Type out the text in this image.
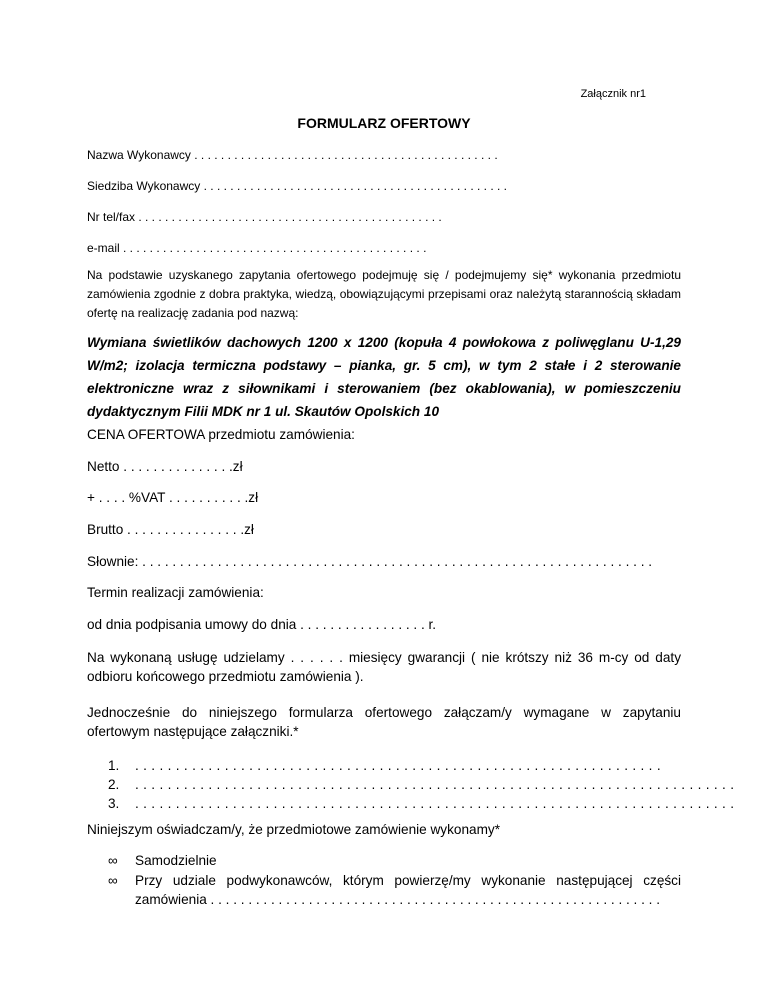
Załącznik nr1
FORMULARZ OFERTOWY
Nazwa Wykonawcy . . . . . . . . . . . . . . . . . . . . . . . . . . . . . . . . . . . . . . . . . . . . . .
Siedziba Wykonawcy . . . . . . . . . . . . . . . . . . . . . . . . . . . . . . . . . . . . . . . . . . . . . .
Nr tel/fax . . . . . . . . . . . . . . . . . . . . . . . . . . . . . . . . . . . . . . . . . . . . . .
e-mail . . . . . . . . . . . . . . . . . . . . . . . . . . . . . . . . . . . . . . . . . . . . . .
Na podstawie uzyskanego zapytania ofertowego podejmuję się / podejmujemy się* wykonania przedmiotu zamówienia zgodnie z dobra praktyka, wiedzą, obowiązującymi przepisami oraz należytą starannością składam ofertę na realizację zadania pod nazwą:
Wymiana świetlików dachowych 1200 x 1200 (kopuła 4 powłokowa z poliwęglanu U-1,29 W/m2; izolacja termiczna podstawy – pianka, gr. 5 cm), w tym 2 stałe i 2 sterowanie elektroniczne wraz z siłownikami i sterowaniem (bez okablowania), w pomieszczeniu dydaktycznym Filii MDK nr 1 ul. Skautów Opolskich 10
CENA OFERTOWA przedmiotu zamówienia:
Netto . . . . . . . . . . . . . . .zł
+ . . . . %VAT . . . . . . . . . . .zł
Brutto . . . . . . . . . . . . . . . .zł
Słownie: . . . . . . . . . . . . . . . . . . . . . . . . . . . . . . . . . . . . . . . . . . . . . . . . . . . . . . . . . . . . . . . . . . . .
Termin realizacji zamówienia:
od dnia podpisania umowy do dnia . . . . . . . . . . . . . . . . . r.
Na wykonaną usługę udzielamy . . . . . . miesięcy gwarancji ( nie krótszy niż 36 m-cy od daty odbioru końcowego przedmiotu zamówienia ).
Jednocześnie do niniejszego formularza ofertowego załączam/y wymagane w zapytaniu ofertowym następujące załączniki.*
1. . . . . . . . . . . . . . . . . . . . . . . . . . . . . . . . . . . . . . . . . . . . . . . . . . . . . . . . . . . . . . . . . .
2. . . . . . . . . . . . . . . . . . . . . . . . . . . . . . . . . . . . . . . . . . . . . . . . . . . . . . . . . . . . . . . . . . . . . . . . . . .
3. . . . . . . . . . . . . . . . . . . . . . . . . . . . . . . . . . . . . . . . . . . . . . . . . . . . . . . . . . . . . . . . . . . . . . . . . . .
Niniejszym oświadczam/y, że przedmiotowe zamówienie wykonamy*
∞ Samodzielnie
∞ Przy udziale podwykonawców, którym powierzę/my wykonanie następującej części
zamówienia . . . . . . . . . . . . . . . . . . . . . . . . . . . . . . . . . . . . . . . . . . . . . . . . . . . . . . . . . . . .
